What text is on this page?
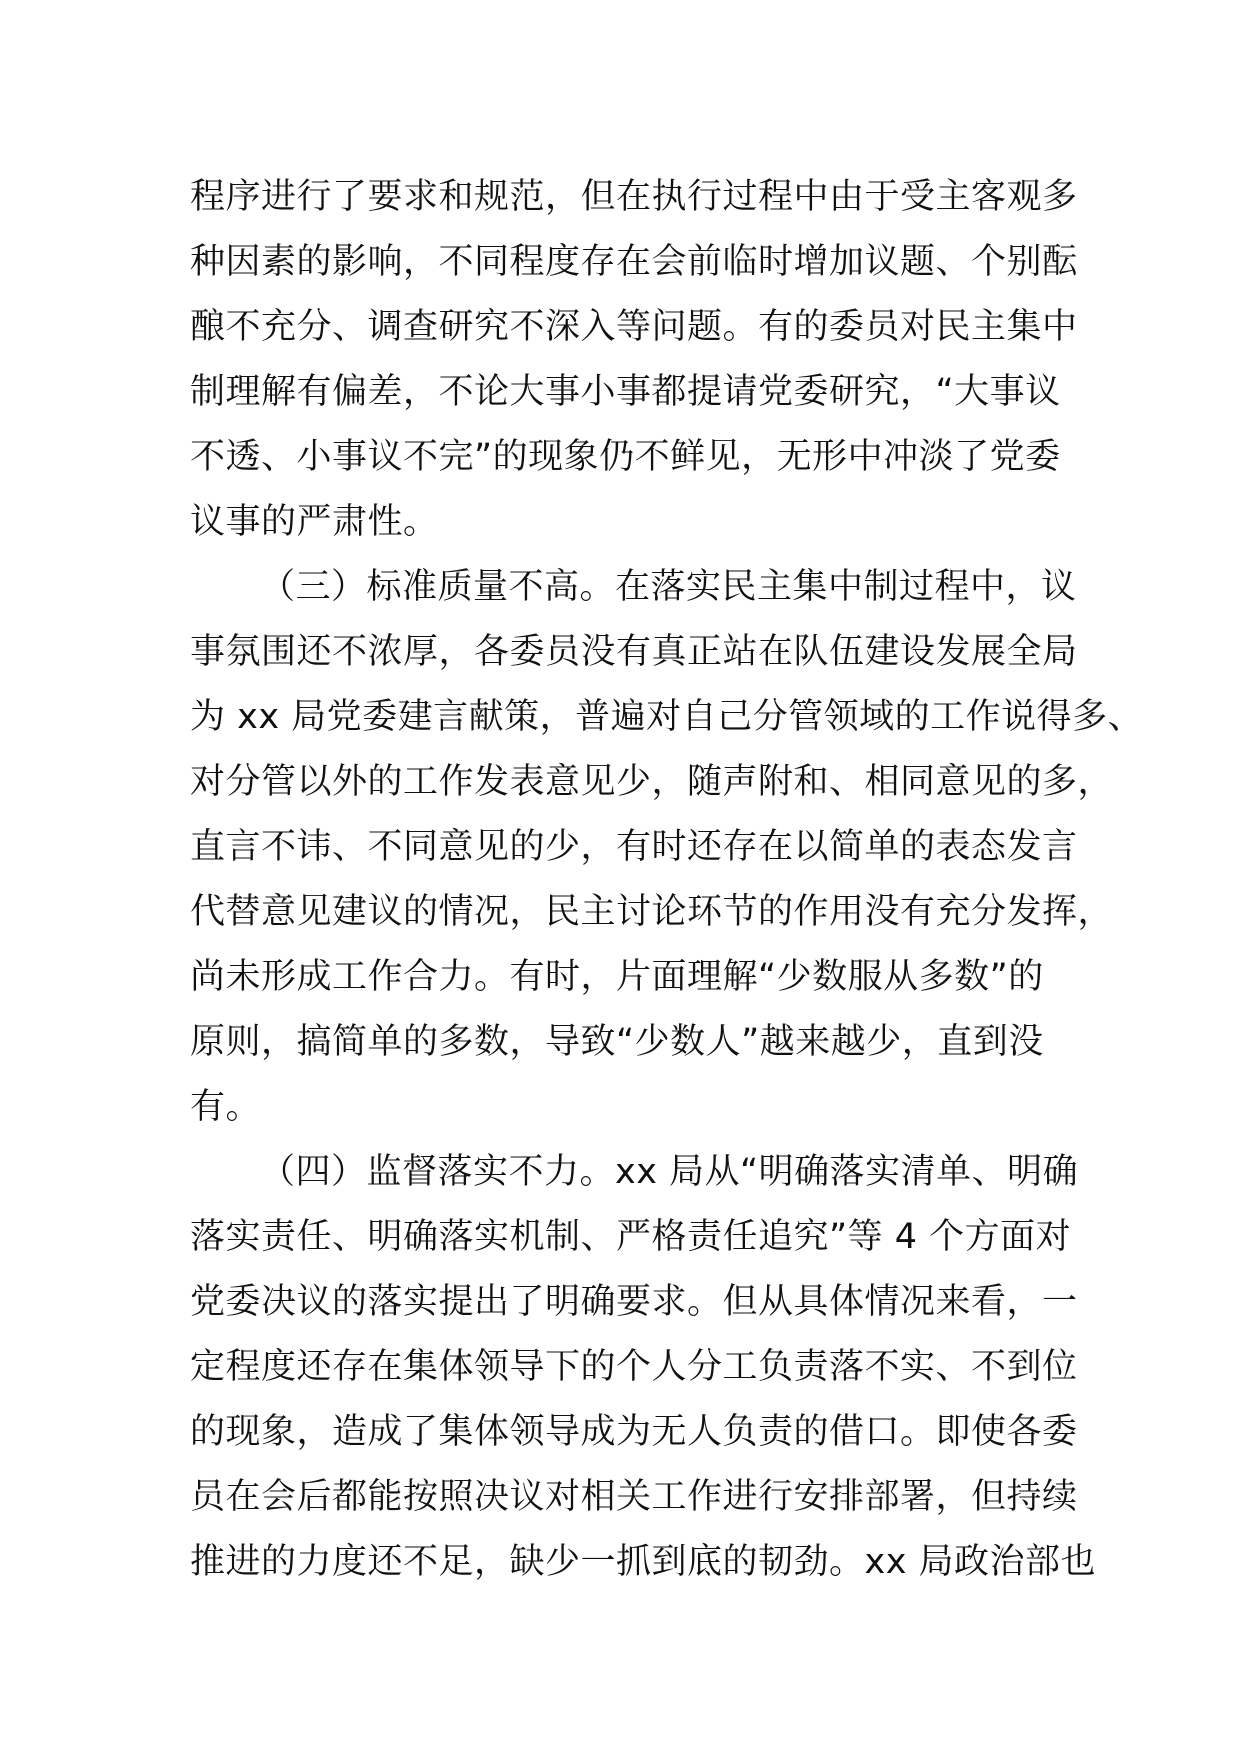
程序进行了要求和规范，但在执行过程中由于受主客观多
种因素的影响，不同程度存在会前临时增加议题、个别酝
酿不充分、调查研究不深入等问题。有的委员对民主集中
制理解有偏差，不论大事小事都提请党委研究，“大事议
不透、小事议不完”的现象仍不鲜见，无形中冲淡了党委
议事的严肃性。
（三）标准质量不高。在落实民主集中制过程中，议
事氛围还不浓厚，各委员没有真正站在队伍建设发展全局
为 xx 局党委建言献策，普遍对自己分管领域的工作说得多、
对分管以外的工作发表意见少，随声附和、相同意见的多，
直言不讳、不同意见的少，有时还存在以简单的表态发言
代替意见建议的情况，民主讨论环节的作用没有充分发挥，
尚未形成工作合力。有时，片面理解“少数服从多数”的
原则，搞简单的多数，导致“少数人”越来越少，直到没
有。
（四）监督落实不力。xx 局从“明确落实清单、明确
落实责任、明确落实机制、严格责任追究”等 4 个方面对
党委决议的落实提出了明确要求。但从具体情况来看，一
定程度还存在集体领导下的个人分工负责落不实、不到位
的现象，造成了集体领导成为无人负责的借口。即使各委
员在会后都能按照决议对相关工作进行安排部署，但持续
推进的力度还不足，缺少一抓到底的韧劲。xx 局政治部也
